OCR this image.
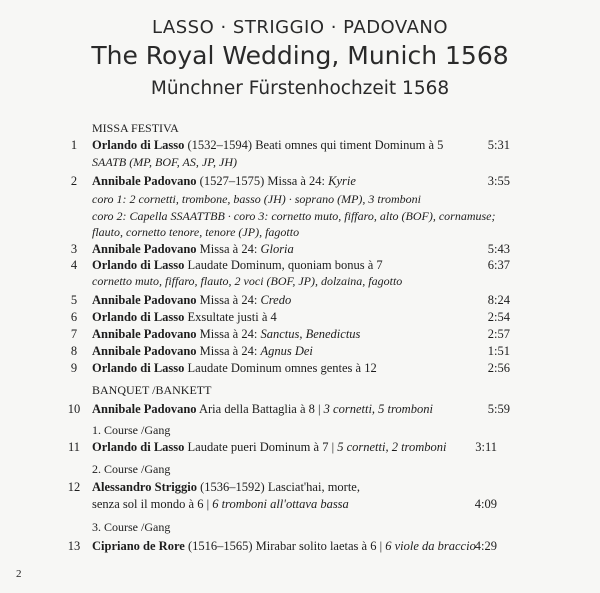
LASSO · STRIGGIO · PADOVANO
The Royal Wedding, Munich 1568
Münchner Fürstenhochzeit 1568
MISSA FESTIVA
1	Orlando di Lasso (1532–1594) Beati omnes qui timent Dominum à 5	5:31
SAATB (MP, BOF, AS, JP, JH)
2	Annibale Padovano (1527–1575) Missa à 24: Kyrie	3:55
coro 1: 2 cornetti, trombone, basso (JH) · soprano (MP), 3 tromboni
coro 2: Capella SSAATTBB · coro 3: cornetto muto, fiffaro, alto (BOF), cornamuse;
flauto, cornetto tenore, tenore (JP), fagotto
3	Annibale Padovano Missa à 24: Gloria	5:43
4	Orlando di Lasso Laudate Dominum, quoniam bonus à 7	6:37
cornetto muto, fiffaro, flauto, 2 voci (BOF, JP), dolzaina, fagotto
5	Annibale Padovano Missa à 24: Credo	8:24
6	Orlando di Lasso Exsultate justi à 4	2:54
7	Annibale Padovano Missa à 24: Sanctus, Benedictus	2:57
8	Annibale Padovano Missa à 24: Agnus Dei	1:51
9	Orlando di Lasso Laudate Dominum omnes gentes à 12	2:56
BANQUET /BANKETT
10 Annibale Padovano Aria della Battaglia à 8 | 3 cornetti, 5 tromboni	5:59
1. Course /Gang
11 Orlando di Lasso Laudate pueri Dominum à 7 | 5 cornetti, 2 tromboni 3:11
2. Course /Gang
12 Alessandro Striggio (1536–1592) Lasciat'hai, morte,
senza sol il mondo à 6 | 6 tromboni all'ottava bassa	4:09
3. Course /Gang
13 Cipriano de Rore (1516–1565) Mirabar solito laetas à 6 | 6 viole da braccio
4:29
2
